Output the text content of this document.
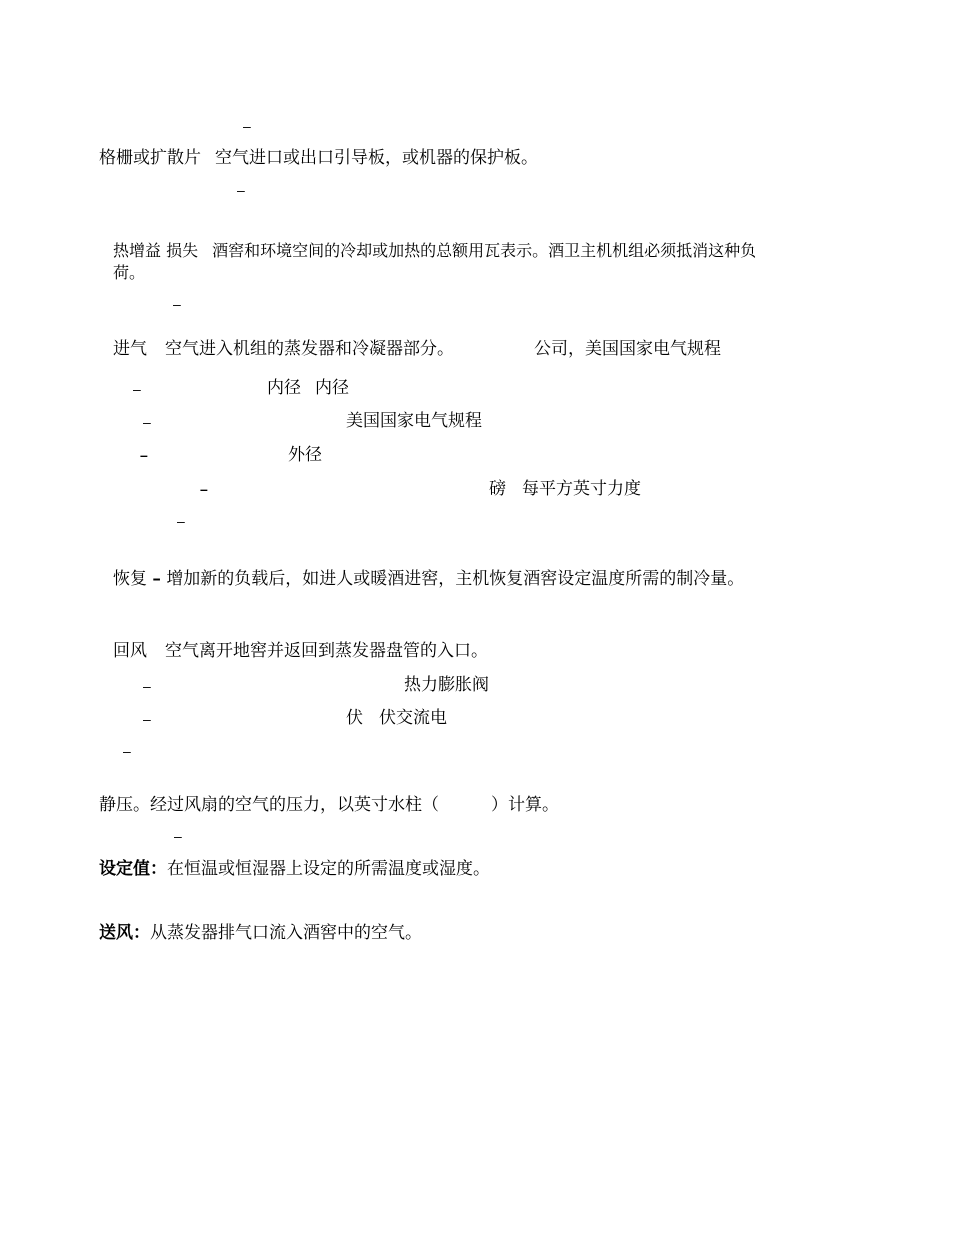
–
–
–
–
–
–
–
–
–
–
–
–
格栅或扩散片 空气进口或出口引导板，或机器的保护板。
热增益 损失 酒窖和环境空间的冷却或加热的总额用瓦表示。酒卫主机机组必须抵消这种负
荷。
进气 空气进入机组的蒸发器和冷凝器部分。	公司，美国国家电气规程
内径 内径
美国国家电气规程
外径
磅 每平方英寸力度
恢复 – 增加新的负载后，如进人或暖酒进窖，主机恢复酒窖设定温度所需的制冷量。
回风 空气离开地窖并返回到蒸发器盘管的入口。
热力膨胀阀
伏 伏交流电
静压。经过风扇的空气的压力，以英寸水柱（	）计算。
设定值：在恒温或恒湿器上设定的所需温度或湿度。
送风：从蒸发器排气口流入酒窖中的空气。
